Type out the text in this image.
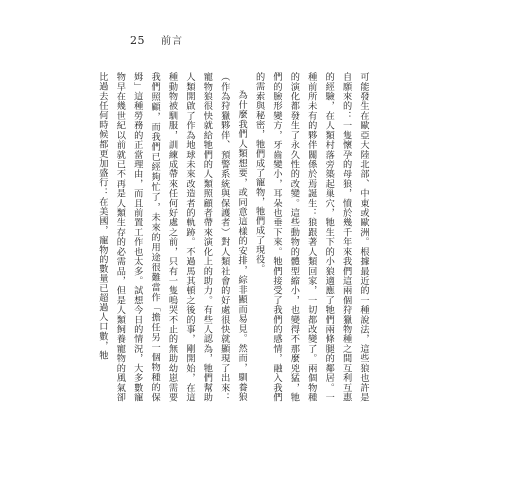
25 前言

可能發生在歐亞大陸北部、中東或歐洲。根據最近的一種說法，這些狼也許是自願來的：一隻懷孕的母狼，憤於幾千年來我們這兩個狩獵物種之間互利互惠的經驗，在人類村落旁築起巢穴，牠生下的小狼適應了牠們兩條腿的鄰居。一種前所未有的夥伴關係於焉誕生：狼跟著人類回家，一切都改變了。兩個物種的演化都發生了永久性的改變。這些動物的體型縮小，也變得不那麼兇猛，牠們的臉形變方，牙齒變小，耳朵也垂下來。牠們接受了我們的感情，融入我們的需索與秘密，牠們成了寵物，牠們成了現役。

為什麼我們人類想要，或同意這樣的安排，綜非顯而易見。然而，馴養狼（作為狩獵夥伴、預警系統與保護者）對人類社會的好處很快就顯現了出來：寵物狼很快就給牠們的人類照顧者帶來演化上的助力。有些人認為，牠們幫助人類開啟了作為地球未來改造者的軌跡。不過馬其頓之後的事，剛開始，在這種動物被馴服，訓練成帶來任何好處之前，只有一隻嗚哭不止的無助幼崽需要我們照顧，而我們已經夠忙了，未來的用途很難當作「擔任另一個物種的保姆」這種勞務的正當理由，而且前置工作也太多。試想今日的情況，大多數寵物早在幾世紀以前就已不再是人類生存的必需品，但是人類飼養寵物的風氣卻比過去任何時候都更加盛行：在美國，寵物的數量已超過人口數，牠
